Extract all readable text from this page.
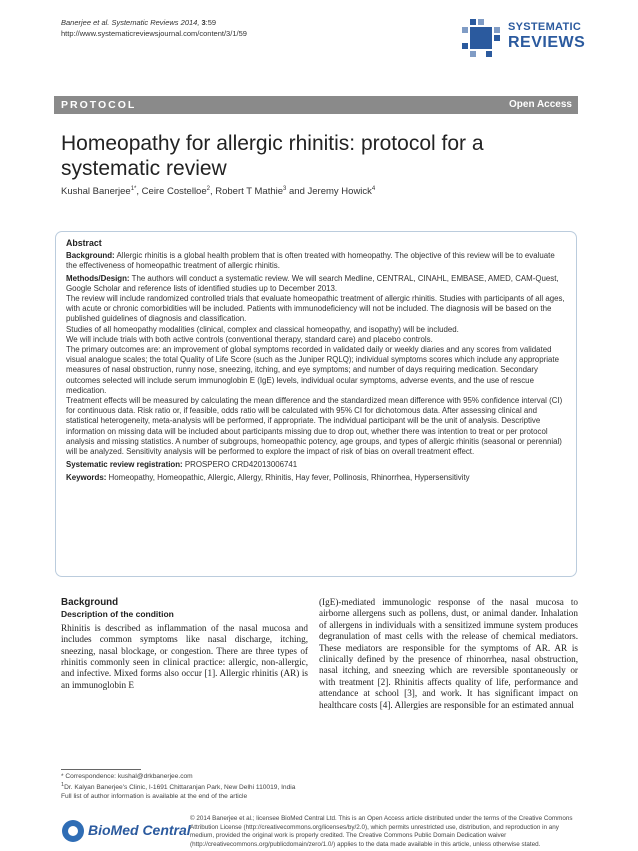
Banerjee et al. Systematic Reviews 2014, 3:59
http://www.systematicreviewsjournal.com/content/3/1/59
SYSTEMATIC
REVIEWS
PROTOCOL	Open Access
Homeopathy for allergic rhinitis: protocol for a systematic review
Kushal Banerjee$^{1*}$, Ceire Costelloe$^2$, Robert T Mathie$^3$ and Jeremy Howick$^4$

Abstract

Background: Allergic rhinitis is a global health problem that is often treated with homeopathy. The objective of this review will be to evaluate the effectiveness of homeopathic treatment of allergic rhinitis.

Methods/Design: The authors will conduct a systematic review. We will search Medline, CENTRAL, CINAHL, EMBASE, AMED, CAM-Quest, Google Scholar and reference lists of identified studies up to December 2013.

The review will include randomized controlled trials that evaluate homeopathic treatment of allergic rhinitis. Studies with participants of all ages, with acute or chronic comorbidities will be included. Patients with immunodeficiency will not be included. The diagnosis will be based on the published guidelines of diagnosis and classification.

Studies of all homeopathy modalities (clinical, complex and classical homeopathy, and isopathy) will be included.

We will include trials with both active controls (conventional therapy, standard care) and placebo controls.

The primary outcomes are: an improvement of global symptoms recorded in validated daily or weekly diaries and any scores from validated visual analogue scales; the total Quality of Life Score (such as the Juniper RQLQ); individual symptoms scores which include any appropriate measures of nasal obstruction, runny nose, sneezing, itching, and eye symptoms; and number of days requiring medication. Secondary outcomes selected will include serum immunoglobin E (IgE) levels, individual ocular symptoms, adverse events, and the use of rescue medication.

Treatment effects will be measured by calculating the mean difference and the standardized mean difference with 95% confidence interval (CI) for continuous data. Risk ratio or, if feasible, odds ratio will be calculated with 95% CI for dichotomous data. After assessing clinical and statistical heterogeneity, meta-analysis will be performed, if appropriate. The individual participant will be the unit of analysis. Descriptive information on missing data will be included about participants missing due to drop out, whether there was intention to treat or per protocol analysis and missing statistics. A number of subgroups, homeopathic potency, age groups, and types of allergic rhinitis (seasonal or perennial) will be analyzed. Sensitivity analysis will be performed to explore the impact of risk of bias on overall treatment effect.

Systematic review registration: PROSPERO CRD42013006741

Keywords: Homeopathy, Homeopathic, Allergic, Allergy, Rhinitis, Hay fever, Pollinosis, Rhinorrhea, Hypersensitivity

Background
Description of the condition
Rhinitis is described as inflammation of the nasal mucosa and includes common symptoms like nasal discharge, itching, sneezing, nasal blockage, or congestion. There are three types of rhinitis commonly seen in clinical practice: allergic, non-allergic, and infective. Mixed forms also occur [1]. Allergic rhinitis (AR) is an immunoglobin E
(IgE)-mediated immunologic response of the nasal mucosa to airborne allergens such as pollens, dust, or animal dander. Inhalation of allergens in individuals with a sensitized immune system produces degranulation of mast cells with the release of chemical mediators. These mediators are responsible for the symptoms of AR. AR is clinically defined by the presence of rhinorrhea, nasal obstruction, nasal itching, and sneezing which are reversible spontaneously or with treatment [2]. Rhinitis affects quality of life, performance and attendance at school [3], and work. It has significant impact on healthcare costs [4]. Allergies are responsible for an estimated annual
* Correspondence: kushal@drkbanerjee.com
$^1$Dr. Kalyan Banerjee's Clinic, I-1691 Chittaranjan Park, New Delhi 110019, India
Full list of author information is available at the end of the article
BioMed Central
© 2014 Banerjee et al.; licensee BioMed Central Ltd. This is an Open Access article distributed under the terms of the Creative Commons Attribution License (http://creativecommons.org/licenses/by/2.0), which permits unrestricted use, distribution, and reproduction in any medium, provided the original work is properly credited. The Creative Commons Public Domain Dedication waiver (http://creativecommons.org/publicdomain/zero/1.0/) applies to the data made available in this article, unless otherwise stated.
